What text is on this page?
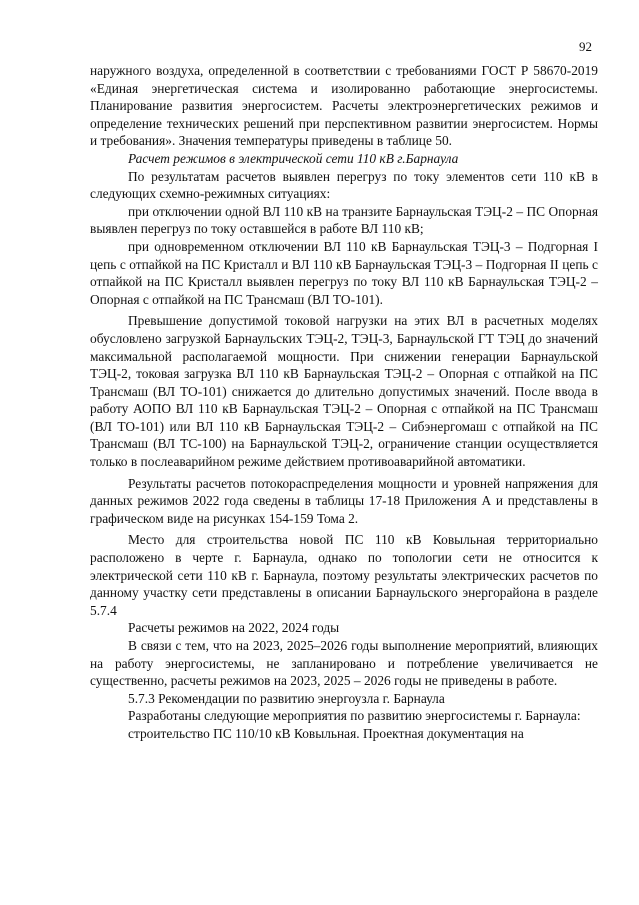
92

наружного воздуха, определенной в соответствии с требованиями ГОСТ Р 58670-2019 «Единая энергетическая система и изолированно работающие энергосистемы. Планирование развития энергосистем. Расчеты электроэнергетических режимов и определение технических решений при перспективном развитии энергосистем. Нормы и требования». Значения температуры приведены в таблице 50.

Расчет режимов в электрической сети 110 кВ г.Барнаула

По результатам расчетов выявлен перегруз по току элементов сети 110 кВ в следующих схемно-режимных ситуациях:

при отключении одной ВЛ 110 кВ на транзите Барнаульская ТЭЦ-2 – ПС Опорная выявлен перегруз по току оставшейся в работе ВЛ 110 кВ;

при одновременном отключении ВЛ 110 кВ Барнаульская ТЭЦ-3 – Подгорная I цепь с отпайкой на ПС Кристалл и ВЛ 110 кВ Барнаульская ТЭЦ-3 – Подгорная II цепь с отпайкой на ПС Кристалл выявлен перегруз по току ВЛ 110 кВ Барнаульская ТЭЦ-2 – Опорная с отпайкой на ПС Трансмаш (ВЛ ТО-101).

Превышение допустимой токовой нагрузки на этих ВЛ в расчетных моделях обусловлено загрузкой Барнаульских ТЭЦ-2, ТЭЦ-3, Барнаульской ГТ ТЭЦ до значений максимальной располагаемой мощности. При снижении генерации Барнаульской ТЭЦ-2, токовая загрузка ВЛ 110 кВ Барнаульская ТЭЦ-2 – Опорная с отпайкой на ПС Трансмаш (ВЛ ТО-101) снижается до длительно допустимых значений. После ввода в работу АОПО ВЛ 110 кВ Барнаульская ТЭЦ-2 – Опорная с отпайкой на ПС Трансмаш (ВЛ ТО-101) или ВЛ 110 кВ Барнаульская ТЭЦ-2 – Сибэнергомаш с отпайкой на ПС Трансмаш (ВЛ ТС-100) на Барнаульской ТЭЦ-2, ограничение станции осуществляется только в послеаварийном режиме действием противоаварийной автоматики.

Результаты расчетов потокораспределения мощности и уровней напряжения для данных режимов 2022 года сведены в таблицы 17-18 Приложения А и представлены в графическом виде на рисунках 154-159 Тома 2.

Место для строительства новой ПС 110 кВ Ковыльная территориально расположено в черте г. Барнаула, однако по топологии сети не относится к электрической сети 110 кВ г. Барнаула, поэтому результаты электрических расчетов по данному участку сети представлены в описании Барнаульского энергорайона в разделе 5.7.4

Расчеты режимов на 2022, 2024 годы

В связи с тем, что на 2023, 2025–2026 годы выполнение мероприятий, влияющих на работу энергосистемы, не запланировано и потребление увеличивается не существенно, расчеты режимов на 2023, 2025 – 2026 годы не приведены в работе.

5.7.3 Рекомендации по развитию энергоузла г. Барнаула

Разработаны следующие мероприятия по развитию энергосистемы г. Барнаула:

строительство ПС 110/10 кВ Ковыльная. Проектная документация на
